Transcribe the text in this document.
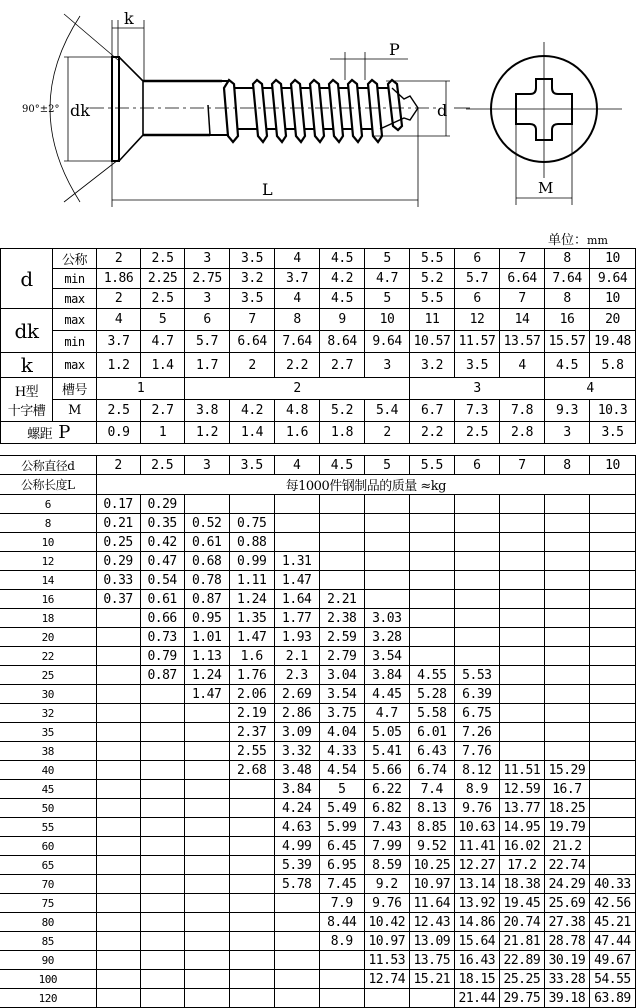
90°±2° dk
k
P
d
L	M
单位：mm
d	公称	2	2.5	3	3.5	4	4.5	5	5.5	6	7	8	10
	min	1.86	2.25	2.75	3.2	3.7	4.2	4.7	5.2	5.7	6.64	7.64	9.64
	max	2	2.5	3	3.5	4	4.5	5	5.5	6	7	8	10
dk	max	4	5	6	7	8	9	10	11	12	14	16	20
	min	3.7	4.7	5.7	6.64	7.64	8.64	9.64	10.57	11.57	13.57	15.57	19.48
k	max	1.2	1.4	1.7	2	2.2	2.7	3	3.2	3.5	4	4.5	5.8

H型
十字槽	槽号	1		2					3			4	
	M	2.5	2.7	3.8	4.2	4.8	5.2	5.4	6.7	7.3	7.8	9.3	10.3
螺距 P		0.9	1	1.2	1.4	1.6	1.8	2	2.2	2.5	2.8	3	3.5
公称直径d	2	2.5	3	3.5	4	4.5	5	5.5	6	7	8	10
公称长度L	每1000件钢制品的质量 ≈kg											
6	0.17	0.29										
8	0.21	0.35	0.52	0.75								
10	0.25	0.42	0.61	0.88								
12	0.29	0.47	0.68	0.99	1.31							
14	0.33	0.54	0.78	1.11	1.47							
16	0.37	0.61	0.87	1.24	1.64	2.21						
18		0.66	0.95	1.35	1.77	2.38	3.03					
20		0.73	1.01	1.47	1.93	2.59	3.28					
22		0.79	1.13	1.6	2.1	2.79	3.54					
25		0.87	1.24	1.76	2.3	3.04	3.84	4.55	5.53			
30			1.47	2.06	2.69	3.54	4.45	5.28	6.39			
32				2.19	2.86	3.75	4.7	5.58	6.75			
35				2.37	3.09	4.04	5.05	6.01	7.26			
38				2.55	3.32	4.33	5.41	6.43	7.76			
40				2.68	3.48	4.54	5.66	6.74	8.12	11.51	15.29	
45					3.84	5	6.22	7.4	8.9	12.59	16.7	
50					4.24	5.49	6.82	8.13	9.76	13.77	18.25	
55					4.63	5.99	7.43	8.85	10.63	14.95	19.79	
60					4.99	6.45	7.99	9.52	11.41	16.02	21.2	
65					5.39	6.95	8.59	10.25	12.27	17.2	22.74	
70					5.78	7.45	9.2	10.97	13.14	18.38	24.29	40.33
75						7.9	9.76	11.64	13.92	19.45	25.69	42.56
80						8.44	10.42	12.43	14.86	20.74	27.38	45.21
85						8.9	10.97	13.09	15.64	21.81	28.78	47.44
90							11.53	13.75	16.43	22.89	30.19	49.67
100							12.74	15.21	18.15	25.25	33.28	54.55
120									21.44	29.75	39.18	63.89
